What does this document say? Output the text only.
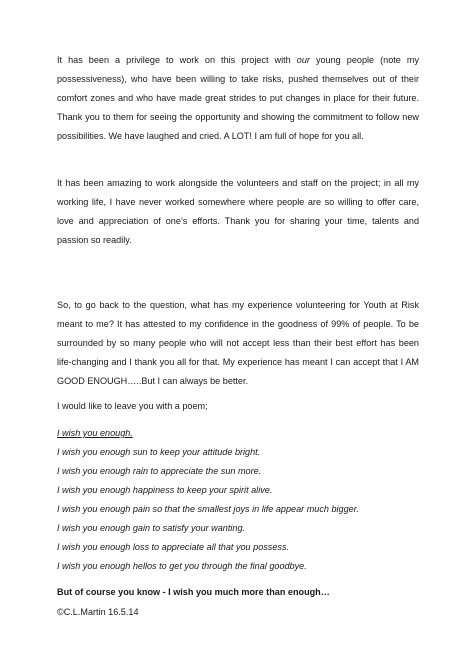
It has been a privilege to work on this project with our young people (note my possessiveness), who have been willing to take risks, pushed themselves out of their comfort zones and who have made great strides to put changes in place for their future. Thank you to them for seeing the opportunity and showing the commitment to follow new possibilities. We have laughed and cried. A LOT! I am full of hope for you all.

It has been amazing to work alongside the volunteers and staff on the project; in all my working life, I have never worked somewhere where people are so willing to offer care, love and appreciation of one’s efforts. Thank you for sharing your time, talents and passion so readily.

So, to go back to the question, what has my experience volunteering for Youth at Risk meant to me? It has attested to my confidence in the goodness of 99% of people. To be surrounded by so many people who will not accept less than their best effort has been life-changing and I thank you all for that. My experience has meant I can accept that I AM GOOD ENOUGH…..But I can always be better.

I would like to leave you with a poem;
I wish you enough.
I wish you enough sun to keep your attitude bright.
I wish you enough rain to appreciate the sun more.
I wish you enough happiness to keep your spirit alive.
I wish you enough pain so that the smallest joys in life appear much bigger.
I wish you enough gain to satisfy your wanting.
I wish you enough loss to appreciate all that you possess.
I wish you enough hellos to get you through the final goodbye.
But of course you know - I wish you much more than enough…
©C.L.Martin 16.5.14
